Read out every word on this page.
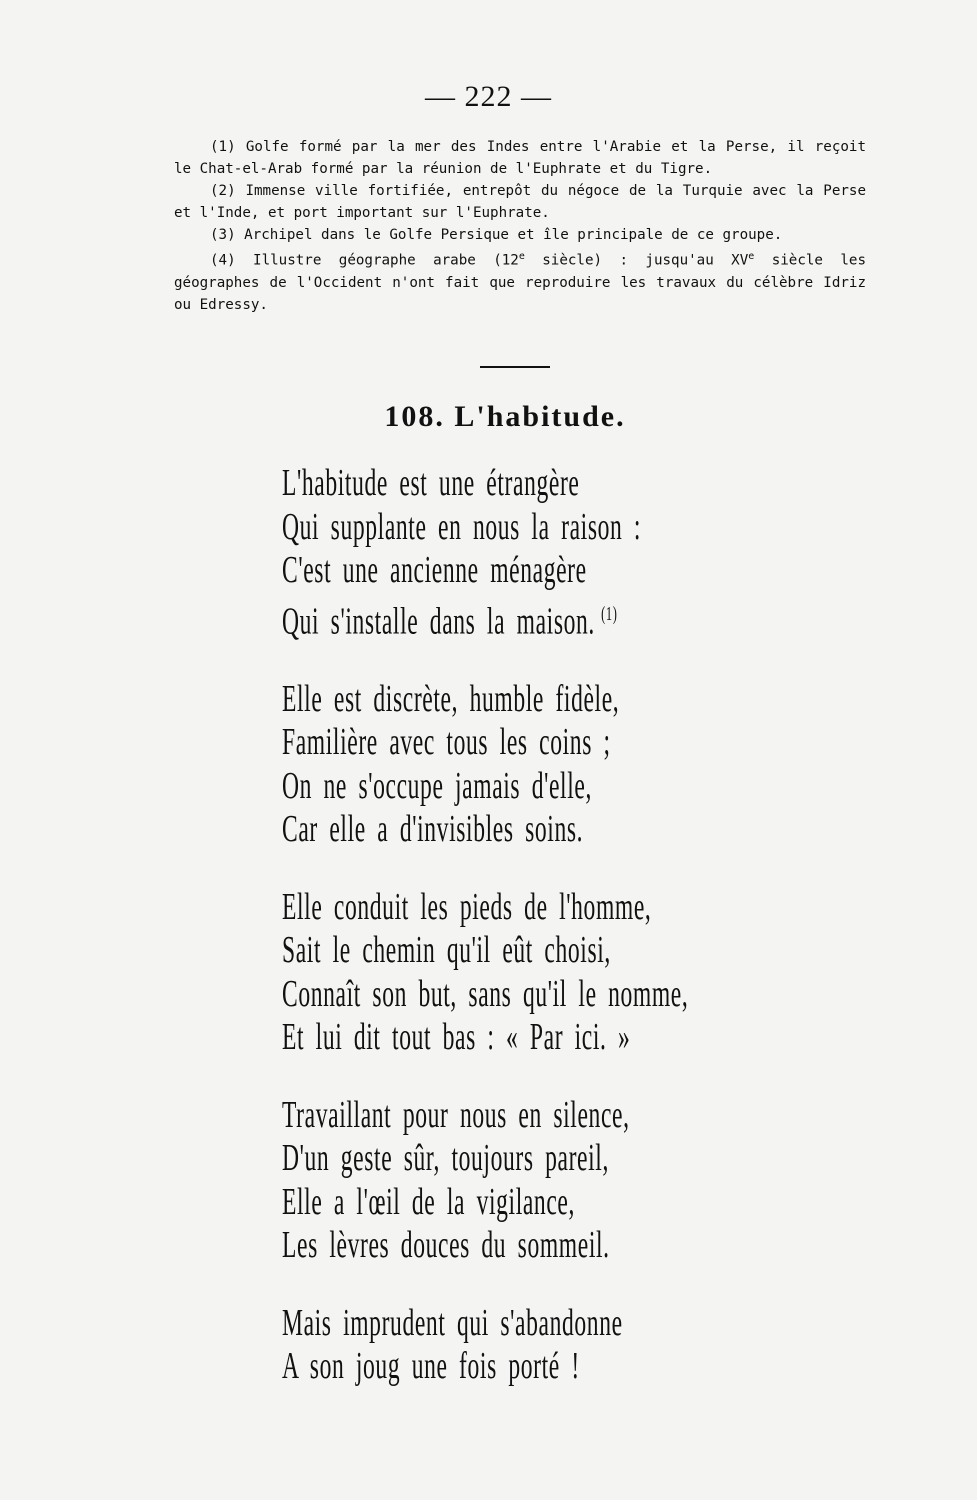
— 222 —

(1) Golfe formé par la mer des Indes entre l'Arabie et la Perse, il reçoit le Chat-el-Arab formé par la réunion de l'Euphrate et du Tigre.

(2) Immense ville fortifiée, entrepôt du négoce de la Turquie avec la Perse et l'Inde, et port important sur l'Euphrate.

(3) Archipel dans le Golfe Persique et île principale de ce groupe.

(4) Illustre géographe arabe (12e siècle) : jusqu'au XVe siècle les géographes de l'Occident n'ont fait que reproduire les travaux du célèbre Idriz ou Edressy.

108. L'habitude.
L'habitude est une étrangère
Qui supplante en nous la raison :
C'est une ancienne ménagère
Qui s'installe dans la maison. $^{(1)}$
Elle est discrète, humble fidèle,
Familière avec tous les coins ;
On ne s'occupe jamais d'elle,
Car elle a d'invisibles soins.
Elle conduit les pieds de l'homme,
Sait le chemin qu'il eût choisi,
Connaît son but, sans qu'il le nomme,
Et lui dit tout bas : « Par ici. »
Travaillant pour nous en silence,
D'un geste sûr, toujours pareil,
Elle a l'œil de la vigilance,
Les lèvres douces du sommeil.
Mais imprudent qui s'abandonne
A son joug une fois porté !
